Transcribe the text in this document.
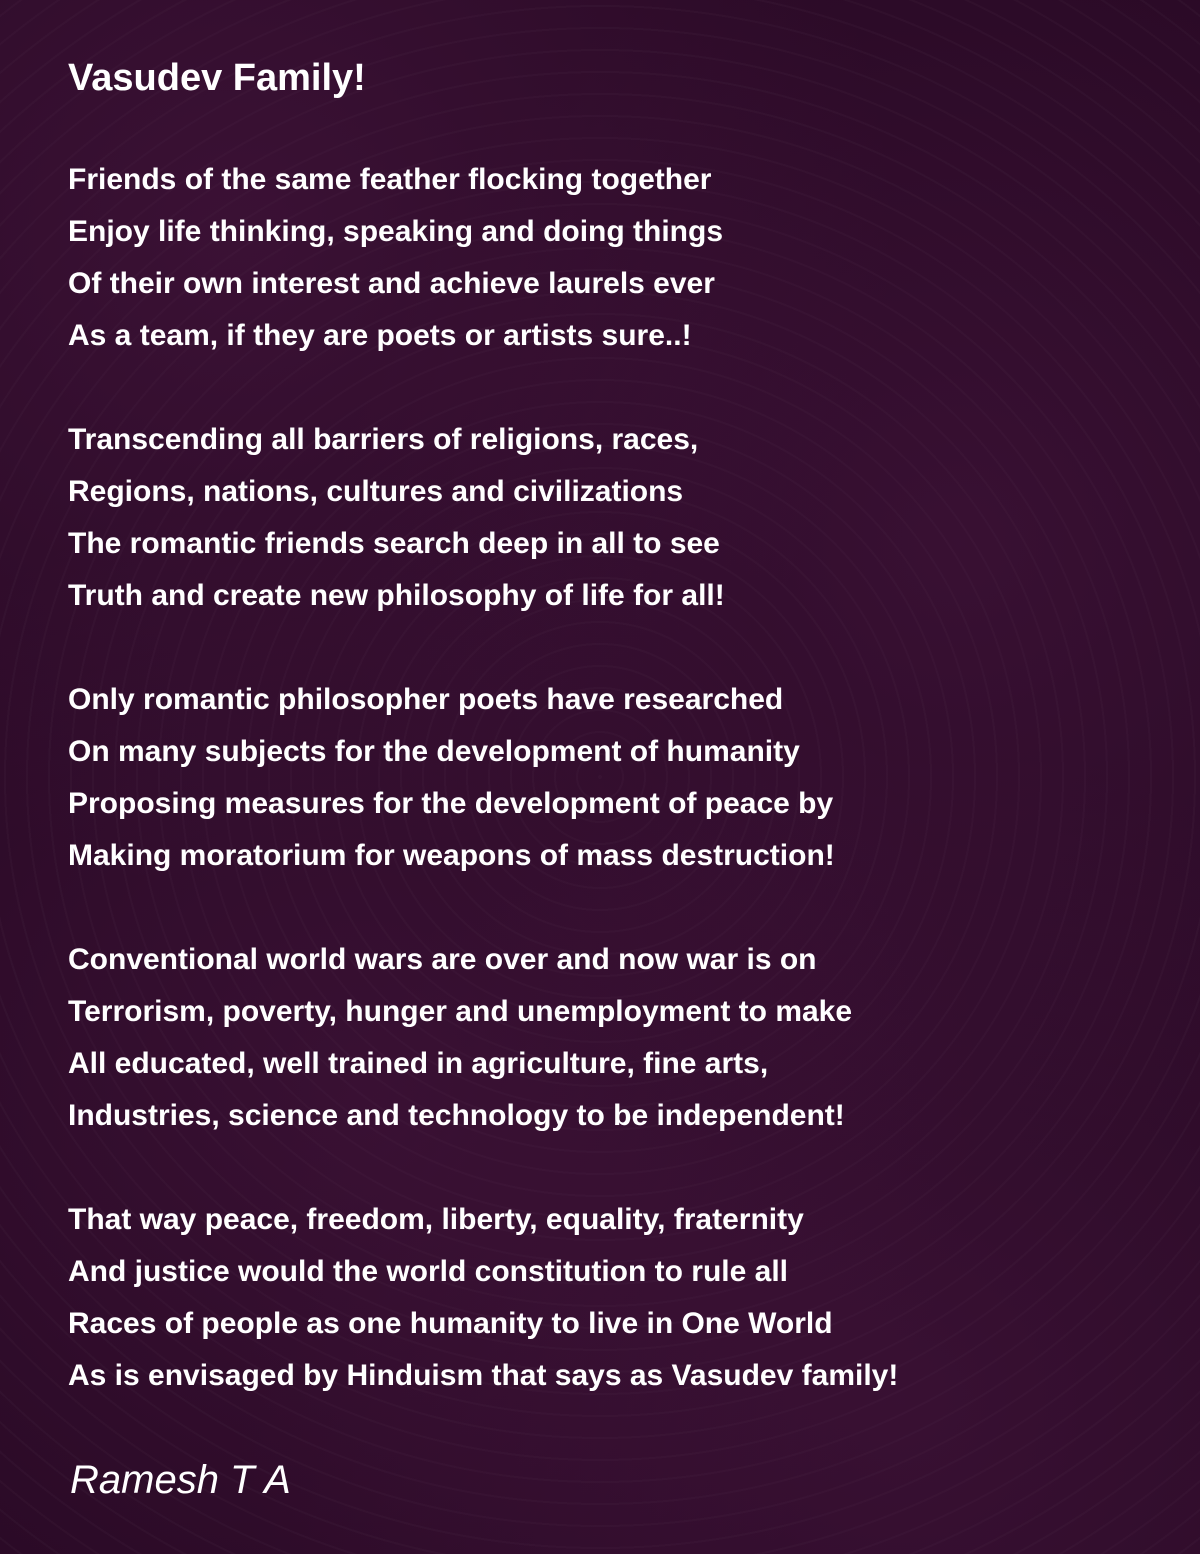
Vasudev Family!
Friends of the same feather flocking together
Enjoy life thinking, speaking and doing things
Of their own interest and achieve laurels ever
As a team, if they are poets or artists sure..!
Transcending all barriers of religions, races,
Regions, nations, cultures and civilizations
The romantic friends search deep in all to see
Truth and create new philosophy of life for all!
Only romantic philosopher poets have researched
On many subjects for the development of humanity
Proposing measures for the development of peace by
Making moratorium for weapons of mass destruction!
Conventional world wars are over and now war is on
Terrorism, poverty, hunger and unemployment to make
All educated, well trained in agriculture, fine arts,
Industries, science and technology to be independent!
That way peace, freedom, liberty, equality, fraternity
And justice would the world constitution to rule all
Races of people as one humanity to live in One World
As is envisaged by Hinduism that says as Vasudev family!
Ramesh T A
